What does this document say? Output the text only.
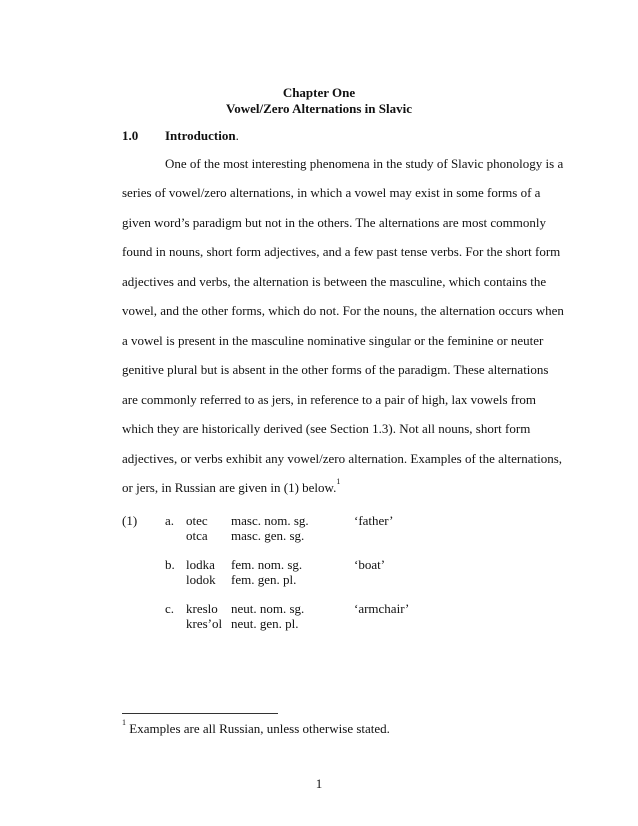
Chapter One
Vowel/Zero Alternations in Slavic
1.0 Introduction.
One of the most interesting phenomena in the study of Slavic phonology is a
series of vowel/zero alternations, in which a vowel may exist in some forms of a
given word’s paradigm but not in the others. The alternations are most commonly
found in nouns, short form adjectives, and a few past tense verbs. For the short form
adjectives and verbs, the alternation is between the masculine, which contains the
vowel, and the other forms, which do not. For the nouns, the alternation occurs when
a vowel is present in the masculine nominative singular or the feminine or neuter
genitive plural but is absent in the other forms of the paradigm. These alternations
are commonly referred to as jers, in reference to a pair of high, lax vowels from
which they are historically derived (see Section 1.3). Not all nouns, short form
adjectives, or verbs exhibit any vowel/zero alternation. Examples of the alternations,
or jers, in Russian are given in (1) below.$^1$
(1) a. otec
otca
masc. nom. sg.
masc. gen. sg.
‘father’
b. lodka
lodok
fem. nom. sg.
fem. gen. pl.
‘boat’
c. kreslo
kres’ol
neut. nom. sg.
neut. gen. pl.
‘armchair’
$^1$ Examples are all Russian, unless otherwise stated.
1
